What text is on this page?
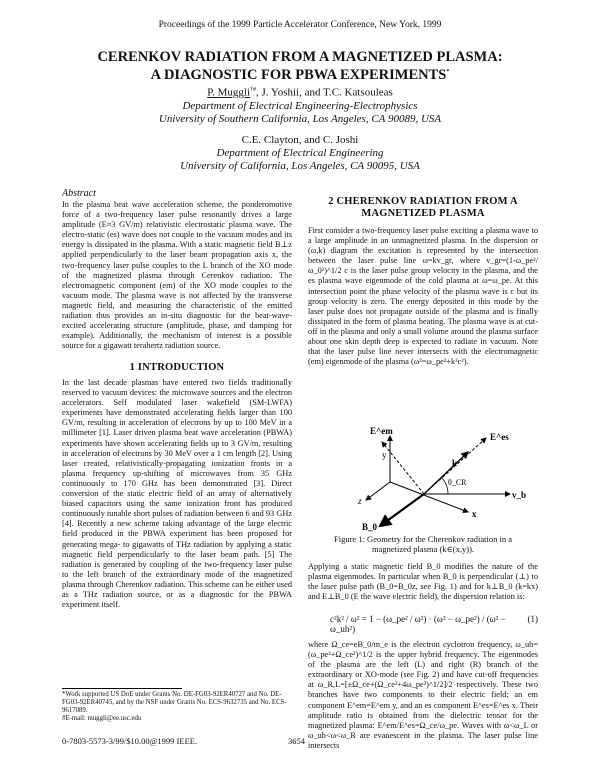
Proceedings of the 1999 Particle Accelerator Conference, New York, 1999
CERENKOV RADIATION FROM A MAGNETIZED PLASMA:
A DIAGNOSTIC FOR PBWA EXPERIMENTS*
P. Muggli†#, J. Yoshii, and T.C. Katsouleas
Department of Electrical Engineering-Electrophysics
University of Southern California, Los Angeles, CA 90089, USA
C.E. Clayton, and C. Joshi
Department of Electrical Engineering
University of California, Los Angeles, CA 90095, USA
Abstract

In the plasma beat wave acceleration scheme, the ponderomotive force of a two-frequency laser pulse resonantly drives a large amplitude (E≈3 GV/m) relativistic electrostatic plasma wave. The electro-static (es) wave does not couple to the vacuum modes and its energy is dissipated in the plasma. With a static magnetic field B⊥z applied perpendicularly to the laser beam propagation axis x, the two-frequency laser pulse couples to the L branch of the XO mode of the magnetized plasma through Cerenkov radiation. The electromagnetic component (em) of the XO mode couples to the vacuum mode. The plasma wave is not affected by the transverse magnetic field, and measuring the characteristic of the emitted radiation thus provides an in-situ diagnostic for the beat-wave-excited accelerating structure (amplitude, phase, and damping for example). Additionally, the mechanism of interest is a possible source for a gigawatt terahertz radiation source.

1 INTRODUCTION

In the last decade plasmas have entered two fields traditionally reserved to vacuum devices: the microwave sources and the electron accelerators. Self modulated laser wakefield (SM-LWFA) experiments have demonstrated accelerating fields larger than 100 GV/m, resulting in acceleration of electrons by up to 100 MeV in a millimeter [1]. Laser driven plasma beat wave acceleration (PBWA) experiments have shown accelerating fields up to 3 GV/m, resulting in acceleration of electrons by 30 MeV over a 1 cm length [2]. Using laser created, relativistically-propagating ionization fronts in a plasma frequency up-shifting of microwaves from 35 GHz continuously to 170 GHz has been demonstrated [3]. Direct conversion of the static electric field of an array of alternatively biased capacitors using the same ionization front has produced continuously tunable short pulses of radiation between 6 and 93 GHz [4]. Recently a new scheme taking advantage of the large electric field produced in the PBWA experiment has been proposed for generating mega- to gigawatts of THz radiation by applying a static magnetic field perpendicularly to the laser beam path. [5] The radiation is generated by coupling of the two-frequency laser pulse to the left branch of the extraordinary mode of the magnetized plasma through Cherenkov radiation. This scheme can be either used as a THz radiation source, or as a diagnostic for the PBWA experiment itself.

*Work supported US DoE under Grants No. DE-FG03-92ER40727 and No. DE-FG03-92ER40745, and by the NSF under Grants No. ECS-9632735 and No. ECS-9617089.
#E-mail: muggli@ee.usc.edu
2 CHERENKOV RADIATION FROM A
MAGNETIZED PLASMA

First consider a two-frequency laser pulse exciting a plasma wave to a large amplitude in an unmagnetized plasma. In the dispersion or (ω,k) diagram the excitation is represented by the intersection between the laser pulse line ω=kv_gr, where v_gr=(1-ω_pe²/ω_0²)^1/2 c is the laser pulse group velocity in the plasma, and the es plasma wave eigenmode of the cold plasma at ω=ω_pe. At this intersection point the phase velocity of the plasma wave is c but its group velocity is zero. The energy deposited in this mode by the laser pulse does not propagate outside of the plasma and is finally dissipated in the form of plasma heating. The plasma wave is at cut-off in the plasma and only a small volume around the plasma surface about one skin depth deep is expected to radiate in vacuum. Note that the laser pulse line never intersects with the electromagnetic (em) eigenmode of the plasma (ω²=ω_pe²+k²c²).

E^em
y
E^es
k
θ_CR
v_b
z
x
B_0
Figure 1: Geometry for the Cherenkov radiation in a
magnetized plasma (k∈(x,y)).

Applying a static magnetic field B_0 modifies the nature of the plasma eigenmodes. In particular when B_0 is perpendicular (⊥) to the laser pulse path (B_0=B_0z, see Fig. 1) and for k⊥B_0 (k=kx) and E⊥B_0 (E the wave electric field), the dispersion relation is:

c²k² / ω² = 1 − (ω_pe² / ω²) · (ω² − ω_pe²) / (ω² − ω_uh²)
(1)

where Ω_ce=eB_0/m_e is the electron cyclotron frequency, ω_uh=(ω_pe²+Ω_ce²)^1/2 is the upper hybrid frequency. The eigenmodes of the plasma are the left (L) and right (R) branch of the extraordinary or XO-mode (see Fig. 2) and have cut-off frequencies at ω_R,L=[±Ω_ce+(Ω_ce²+4ω_pe²)^1/2]/2 respectively. These two branches have two components to their electric field; an em component E^em=E^em y, and an es component E^es=E^es x. Their amplitude ratio is obtained from the dielectric tensor for the magnetized plasma: E^em/E^es=Ω_ce/ω_pe. Waves with ω<ω_L or ω_uh<ω<ω_R are evanescent in the plasma. The laser pulse line intersects

0-7803-5573-3/99/$10.00@1999 IEEE.	3654
